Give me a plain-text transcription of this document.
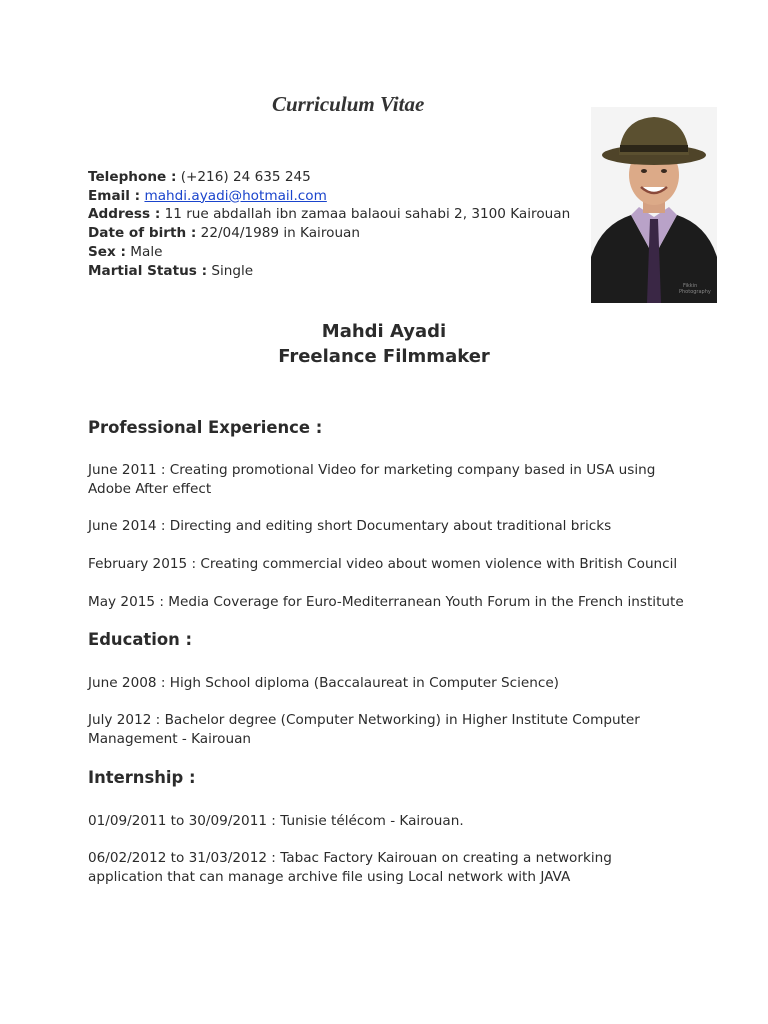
Curriculum Vitae
Telephone : (+216) 24 635 245
Email : mahdi.ayadi@hotmail.com
Address : 11 rue abdallah ibn zamaa balaoui sahabi 2, 3100 Kairouan
Date of birth : 22/04/1989 in Kairouan
Sex : Male
Martial Status : Single
Fikkin
Photography
Mahdi Ayadi
Freelance Filmmaker
Professional Experience :

June 2011 : Creating promotional Video for marketing company based in USA using Adobe After effect

June 2014 : Directing and editing short Documentary about traditional bricks

February 2015 : Creating commercial video about women violence with British Council

May 2015 : Media Coverage for Euro-Mediterranean Youth Forum in the French institute

Education :

June 2008 : High School diploma (Baccalaureat in Computer Science)

July 2012 : Bachelor degree (Computer Networking) in Higher Institute Computer Management - Kairouan

Internship :

01/09/2011 to 30/09/2011 : Tunisie télécom - Kairouan.

06/02/2012 to 31/03/2012 : Tabac Factory Kairouan on creating a networking application that can manage archive file using Local network with JAVA
